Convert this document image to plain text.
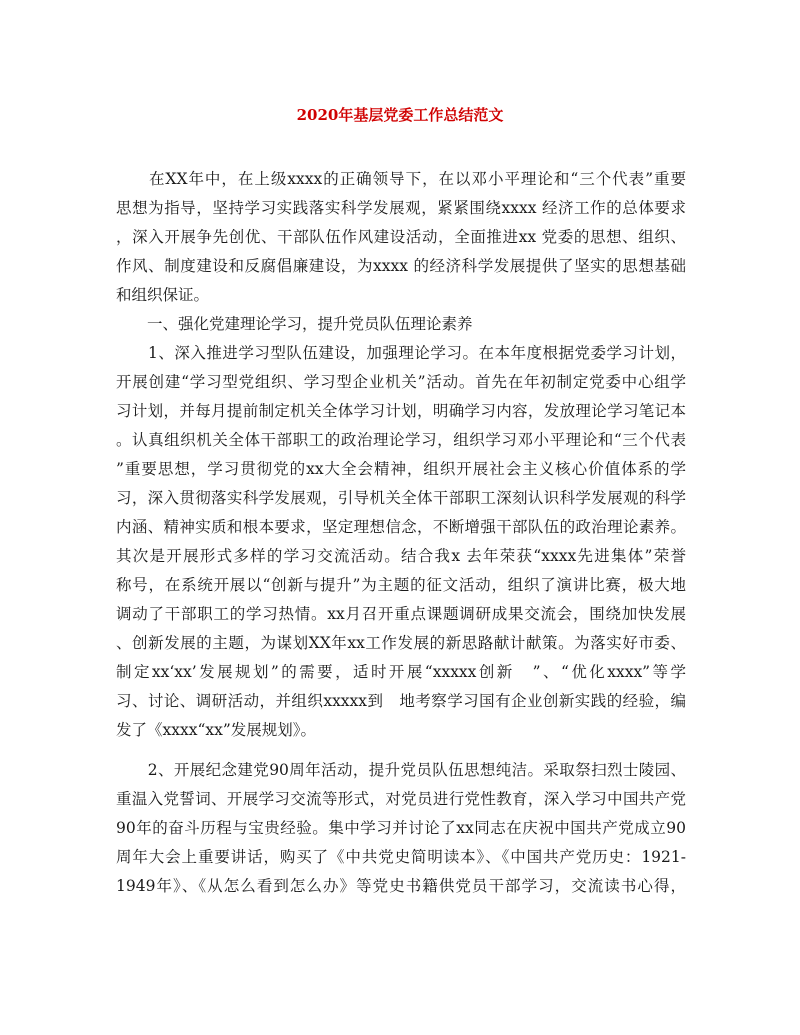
2020年基层党委工作总结范文
　　在XX年中，在上级xxxx的正确领导下，在以邓小平理论和“三个代表”重要
思想为指导，坚持学习实践落实科学发展观，紧紧围绕xxxx 经济工作的总体要求
，深入开展争先创优、干部队伍作风建设活动，全面推进xx 党委的思想、组织、
作风、制度建设和反腐倡廉建设，为xxxx 的经济科学发展提供了坚实的思想基础
和组织保证。
　　一、强化党建理论学习，提升党员队伍理论素养
　　1、深入推进学习型队伍建设，加强理论学习。在本年度根据党委学习计划，
开展创建“学习型党组织、学习型企业机关”活动。首先在年初制定党委中心组学
习计划，并每月提前制定机关全体学习计划，明确学习内容，发放理论学习笔记本
。认真组织机关全体干部职工的政治理论学习，组织学习邓小平理论和“三个代表
”重要思想，学习贯彻党的xx大全会精神，组织开展社会主义核心价值体系的学
习，深入贯彻落实科学发展观，引导机关全体干部职工深刻认识科学发展观的科学
内涵、精神实质和根本要求，坚定理想信念，不断增强干部队伍的政治理论素养。
其次是开展形式多样的学习交流活动。结合我x 去年荣获“xxxx先进集体”荣誉
称号，在系统开展以“创新与提升”为主题的征文活动，组织了演讲比赛，极大地
调动了干部职工的学习热情。xx月召开重点课题调研成果交流会，围绕加快发展
、创新发展的主题，为谋划XX年xx工作发展的新思路献计献策。为落实好市委、
制定xx‘xx’发展规划”的需要，适时开展“xxxxx创新　”、“优化xxxx”等学
习、讨论、调研活动，并组织xxxxx到　地考察学习国有企业创新实践的经验，编
发了《xxxx“xx”发展规划》。
　　2、开展纪念建党90周年活动，提升党员队伍思想纯洁。采取祭扫烈士陵园、
重温入党誓词、开展学习交流等形式，对党员进行党性教育，深入学习中国共产党
90年的奋斗历程与宝贵经验。集中学习并讨论了xx同志在庆祝中国共产党成立90
周年大会上重要讲话，购买了《中共党史简明读本》、《中国共产党历史：1921-
1949年》、《从怎么看到怎么办》等党史书籍供党员干部学习，交流读书心得，
